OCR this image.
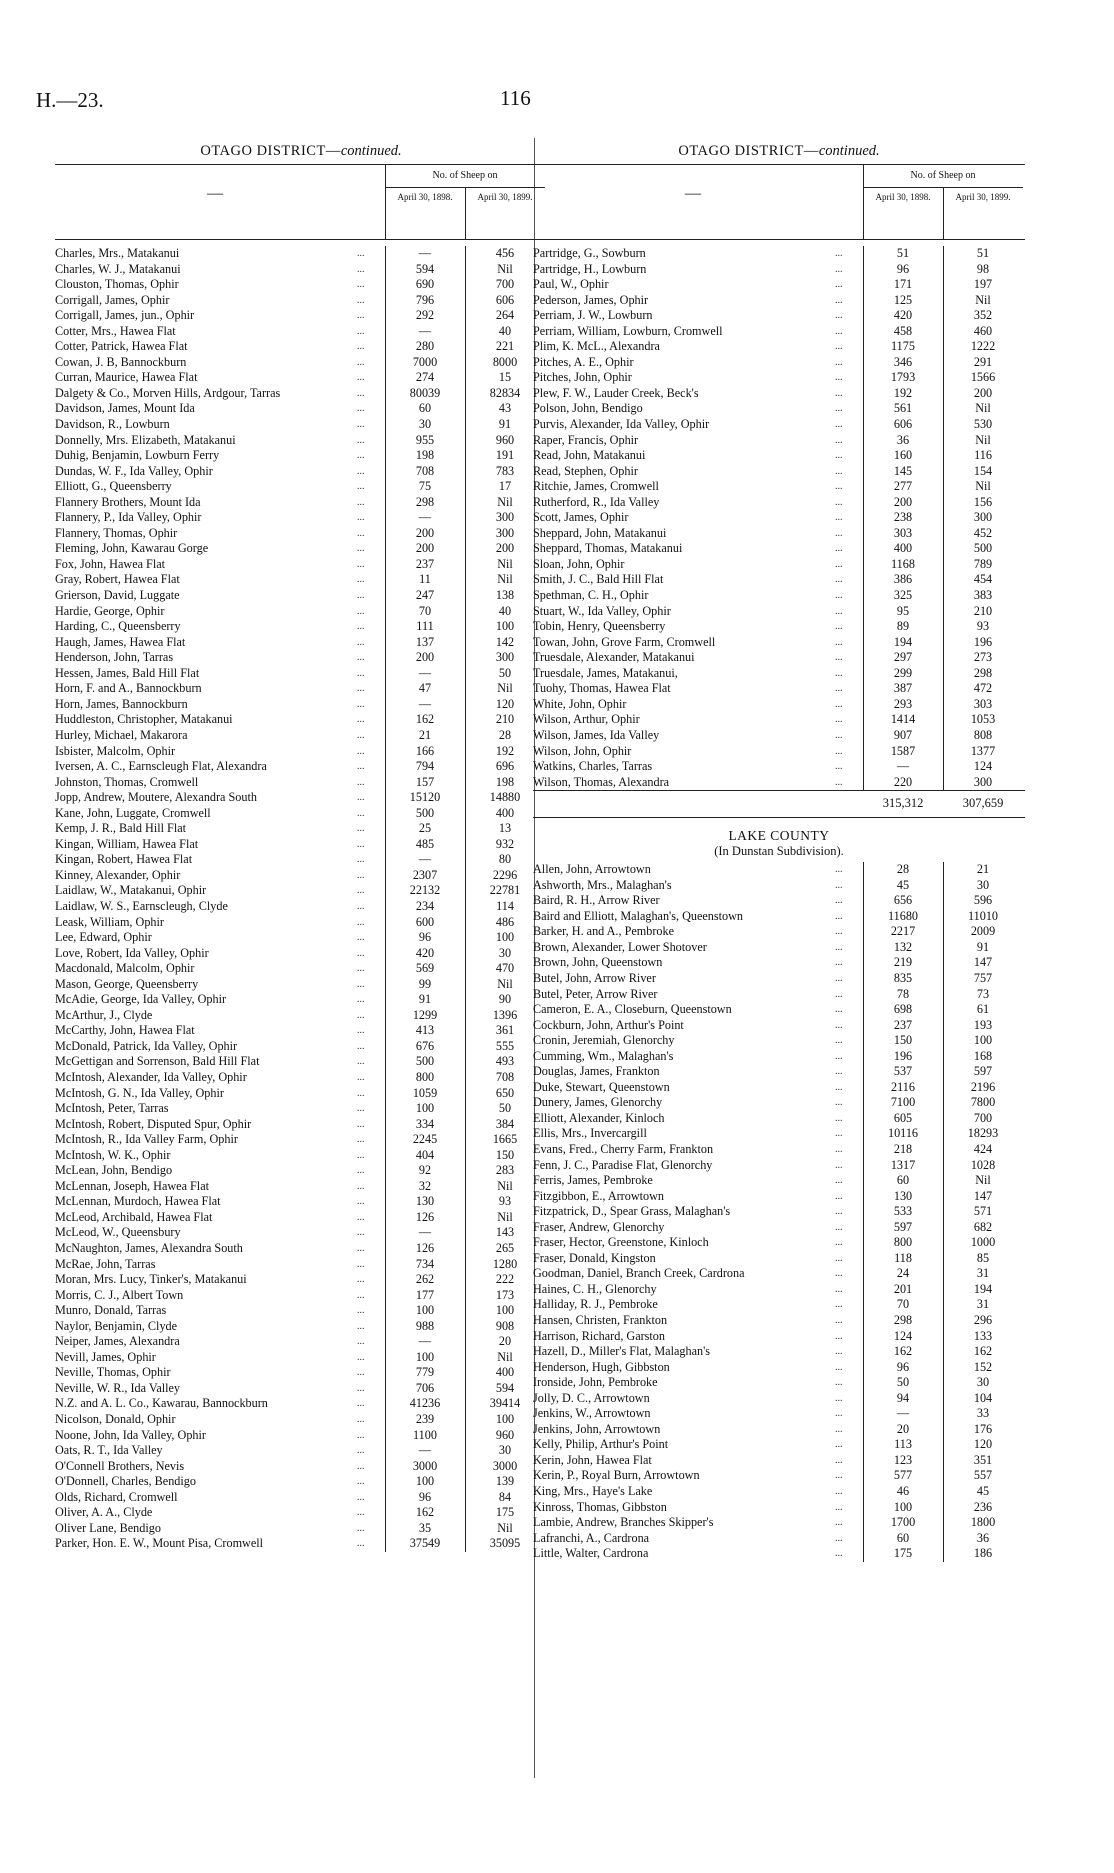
H.—23.	116
OTAGO DISTRICT—continued.
—
No. of Sheep on
April 30, 1898.	April 30, 1899.
Charles, Mrs., Matakanui	...	—	456
Charles, W. J., Matakanui	...	594	Nil
Clouston, Thomas, Ophir	...	690	700
Corrigall, James, Ophir	...	796	606
Corrigall, James, jun., Ophir	...	292	264
Cotter, Mrs., Hawea Flat	...	—	40
Cotter, Patrick, Hawea Flat	...	280	221
Cowan, J. B, Bannockburn	...	7000	8000
Curran, Maurice, Hawea Flat	...	274	15
Dalgety & Co., Morven Hills, Ardgour, Tarras	...	80039	82834
Davidson, James, Mount Ida	...	60	43
Davidson, R., Lowburn	...	30	91
Donnelly, Mrs. Elizabeth, Matakanui	...	955	960
Duhig, Benjamin, Lowburn Ferry	...	198	191
Dundas, W. F., Ida Valley, Ophir	...	708	783
Elliott, G., Queensberry	...	75	17
Flannery Brothers, Mount Ida	...	298	Nil
Flannery, P., Ida Valley, Ophir	...	—	300
Flannery, Thomas, Ophir	...	200	300
Fleming, John, Kawarau Gorge	...	200	200
Fox, John, Hawea Flat	...	237	Nil
Gray, Robert, Hawea Flat	...	11	Nil
Grierson, David, Luggate	...	247	138
Hardie, George, Ophir	...	70	40
Harding, C., Queensberry	...	111	100
Haugh, James, Hawea Flat	...	137	142
Henderson, John, Tarras	...	200	300
Hessen, James, Bald Hill Flat	...	—	50
Horn, F. and A., Bannockburn	...	47	Nil
Horn, James, Bannockburn	...	—	120
Huddleston, Christopher, Matakanui	...	162	210
Hurley, Michael, Makarora	...	21	28
Isbister, Malcolm, Ophir	...	166	192
Iversen, A. C., Earnscleugh Flat, Alexandra	...	794	696
Johnston, Thomas, Cromwell	...	157	198
Jopp, Andrew, Moutere, Alexandra South	...	15120	14880
Kane, John, Luggate, Cromwell	...	500	400
Kemp, J. R., Bald Hill Flat	...	25	13
Kingan, William, Hawea Flat	...	485	932
Kingan, Robert, Hawea Flat	...	—	80
Kinney, Alexander, Ophir	...	2307	2296
Laidlaw, W., Matakanui, Ophir	...	22132	22781
Laidlaw, W. S., Earnscleugh, Clyde	...	234	114
Leask, William, Ophir	...	600	486
Lee, Edward, Ophir	...	96	100
Love, Robert, Ida Valley, Ophir	...	420	30
Macdonald, Malcolm, Ophir	...	569	470
Mason, George, Queensberry	...	99	Nil
McAdie, George, Ida Valley, Ophir	...	91	90
McArthur, J., Clyde	...	1299	1396
McCarthy, John, Hawea Flat	...	413	361
McDonald, Patrick, Ida Valley, Ophir	...	676	555
McGettigan and Sorrenson, Bald Hill Flat	...	500	493
McIntosh, Alexander, Ida Valley, Ophir	...	800	708
McIntosh, G. N., Ida Valley, Ophir	...	1059	650
McIntosh, Peter, Tarras	...	100	50
McIntosh, Robert, Disputed Spur, Ophir	...	334	384
McIntosh, R., Ida Valley Farm, Ophir	...	2245	1665
McIntosh, W. K., Ophir	...	404	150
McLean, John, Bendigo	...	92	283
McLennan, Joseph, Hawea Flat	...	32	Nil
McLennan, Murdoch, Hawea Flat	...	130	93
McLeod, Archibald, Hawea Flat	...	126	Nil
McLeod, W., Queensbury	...	—	143
McNaughton, James, Alexandra South	...	126	265
McRae, John, Tarras	...	734	1280
Moran, Mrs. Lucy, Tinker's, Matakanui	...	262	222
Morris, C. J., Albert Town	...	177	173
Munro, Donald, Tarras	...	100	100
Naylor, Benjamin, Clyde	...	988	908
Neiper, James, Alexandra	...	—	20
Nevill, James, Ophir	...	100	Nil
Neville, Thomas, Ophir	...	779	400
Neville, W. R., Ida Valley	...	706	594
N.Z. and A. L. Co., Kawarau, Bannockburn	...	41236	39414
Nicolson, Donald, Ophir	...	239	100
Noone, John, Ida Valley, Ophir	...	1100	960
Oats, R. T., Ida Valley	...	—	30
O'Connell Brothers, Nevis	...	3000	3000
O'Donnell, Charles, Bendigo	...	100	139
Olds, Richard, Cromwell	...	96	84
Oliver, A. A., Clyde	...	162	175
Oliver Lane, Bendigo	...	35	Nil
Parker, Hon. E. W., Mount Pisa, Cromwell	...	37549	35095
OTAGO DISTRICT—continued.
—
No. of Sheep on
April 30, 1898.	April 30, 1899.
Partridge, G., Sowburn	...	51	51
Partridge, H., Lowburn	...	96	98
Paul, W., Ophir	...	171	197
Pederson, James, Ophir	...	125	Nil
Perriam, J. W., Lowburn	...	420	352
Perriam, William, Lowburn, Cromwell	...	458	460
Plim, K. McL., Alexandra	...	1175	1222
Pitches, A. E., Ophir	...	346	291
Pitches, John, Ophir	...	1793	1566
Plew, F. W., Lauder Creek, Beck's	...	192	200
Polson, John, Bendigo	...	561	Nil
Purvis, Alexander, Ida Valley, Ophir	...	606	530
Raper, Francis, Ophir	...	36	Nil
Read, John, Matakanui	...	160	116
Read, Stephen, Ophir	...	145	154
Ritchie, James, Cromwell	...	277	Nil
Rutherford, R., Ida Valley	...	200	156
Scott, James, Ophir	...	238	300
Sheppard, John, Matakanui	...	303	452
Sheppard, Thomas, Matakanui	...	400	500
Sloan, John, Ophir	...	1168	789
Smith, J. C., Bald Hill Flat	...	386	454
Spethman, C. H., Ophir	...	325	383
Stuart, W., Ida Valley, Ophir	...	95	210
Tobin, Henry, Queensberry	...	89	93
Towan, John, Grove Farm, Cromwell	...	194	196
Truesdale, Alexander, Matakanui	...	297	273
Truesdale, James, Matakanui,	...	299	298
Tuohy, Thomas, Hawea Flat	...	387	472
White, John, Ophir	...	293	303
Wilson, Arthur, Ophir	...	1414	1053
Wilson, James, Ida Valley	...	907	808
Wilson, John, Ophir	...	1587	1377
Watkins, Charles, Tarras	...	—	124
Wilson, Thomas, Alexandra	...	220	300
315,312	307,659
LAKE COUNTY
(In Dunstan Subdivision).
Allen, John, Arrowtown	...	28	21
Ashworth, Mrs., Malaghan's	...	45	30
Baird, R. H., Arrow River	...	656	596
Baird and Elliott, Malaghan's, Queenstown	...	11680	11010
Barker, H. and A., Pembroke	...	2217	2009
Brown, Alexander, Lower Shotover	...	132	91
Brown, John, Queenstown	...	219	147
Butel, John, Arrow River	...	835	757
Butel, Peter, Arrow River	...	78	73
Cameron, E. A., Closeburn, Queenstown	...	698	61
Cockburn, John, Arthur's Point	...	237	193
Cronin, Jeremiah, Glenorchy	...	150	100
Cumming, Wm., Malaghan's	...	196	168
Douglas, James, Frankton	...	537	597
Duke, Stewart, Queenstown	...	2116	2196
Dunery, James, Glenorchy	...	7100	7800
Elliott, Alexander, Kinloch	...	605	700
Ellis, Mrs., Invercargill	...	10116	18293
Evans, Fred., Cherry Farm, Frankton	...	218	424
Fenn, J. C., Paradise Flat, Glenorchy	...	1317	1028
Ferris, James, Pembroke	...	60	Nil
Fitzgibbon, E., Arrowtown	...	130	147
Fitzpatrick, D., Spear Grass, Malaghan's	...	533	571
Fraser, Andrew, Glenorchy	...	597	682
Fraser, Hector, Greenstone, Kinloch	...	800	1000
Fraser, Donald, Kingston	...	118	85
Goodman, Daniel, Branch Creek, Cardrona	...	24	31
Haines, C. H., Glenorchy	...	201	194
Halliday, R. J., Pembroke	...	70	31
Hansen, Christen, Frankton	...	298	296
Harrison, Richard, Garston	...	124	133
Hazell, D., Miller's Flat, Malaghan's	...	162	162
Henderson, Hugh, Gibbston	...	96	152
Ironside, John, Pembroke	...	50	30
Jolly, D. C., Arrowtown	...	94	104
Jenkins, W., Arrowtown	...	—	33
Jenkins, John, Arrowtown	...	20	176
Kelly, Philip, Arthur's Point	...	113	120
Kerin, John, Hawea Flat	...	123	351
Kerin, P., Royal Burn, Arrowtown	...	577	557
King, Mrs., Haye's Lake	...	46	45
Kinross, Thomas, Gibbston	...	100	236
Lambie, Andrew, Branches Skipper's	...	1700	1800
Lafranchi, A., Cardrona	...	60	36
Little, Walter, Cardrona	...	175	186
